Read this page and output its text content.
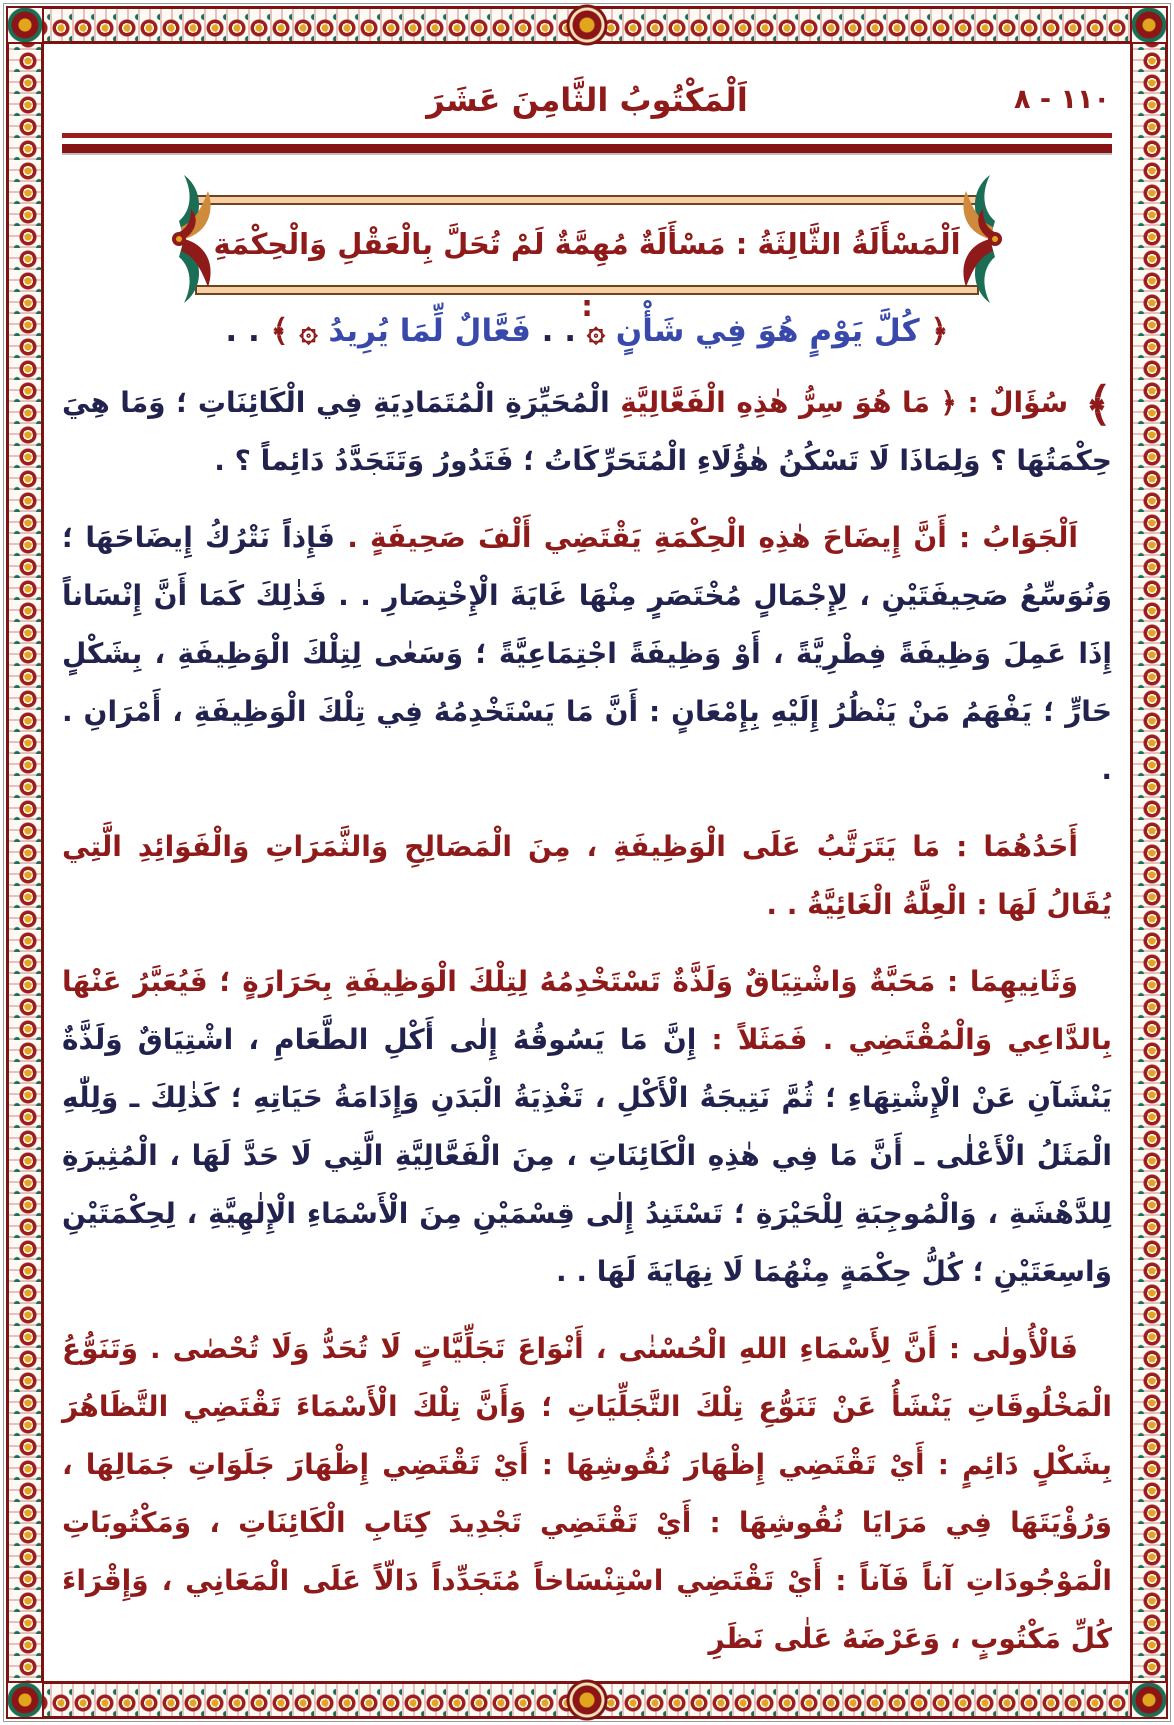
١١٠ - ٨
اَلْمَكْتُوبُ الثَّامِنَ عَشَرَ
اَلْمَسْأَلَةُ الثَّالِثَةُ : مَسْأَلَةٌ مُهِمَّةٌ لَمْ تُحَلَّ بِالْعَقْلِ وَالْحِكْمَةِ :
﴿ كُلَّ يَوْمٍ هُوَ فِي شَأْنٍ ۞ . . فَعَّالٌ لِّمَا يُرِيدُ ۞ ﴾ . .

﴾ سُؤَالٌ : ﴿ مَا هُوَ سِرُّ هٰذِهِ الْفَعَّالِيَّةِ الْمُحَيِّرَةِ الْمُتَمَادِيَةِ فِي الْكَائِنَاتِ ؛ وَمَا هِيَ حِكْمَتُهَا ؟ وَلِمَاذَا لَا تَسْكُنُ هٰؤُلَاءِ الْمُتَحَرِّكَاتُ ؛ فَتَدُورُ وَتَتَجَدَّدُ دَائِماً ؟ .

اَلْجَوَابُ : أَنَّ إِيضَاحَ هٰذِهِ الْحِكْمَةِ يَقْتَضِي أَلْفَ صَحِيفَةٍ . فَإِذاً نَتْرُكُ إِيضَاحَهَا ؛ وَنُوَسِّعُ صَحِيفَتَيْنِ ، لِإِجْمَالٍ مُخْتَصَرٍ مِنْهَا غَايَةَ الْإِخْتِصَارِ . . فَذٰلِكَ كَمَا أَنَّ إِنْسَاناً إِذَا عَمِلَ وَظِيفَةً فِطْرِيَّةً ، أَوْ وَظِيفَةً اجْتِمَاعِيَّةً ؛ وَسَعٰى لِتِلْكَ الْوَظِيفَةِ ، بِشَكْلٍ حَارٍّ ؛ يَفْهَمُ مَنْ يَنْظُرُ إِلَيْهِ بِإِمْعَانٍ : أَنَّ مَا يَسْتَخْدِمُهُ فِي تِلْكَ الْوَظِيفَةِ ، أَمْرَانِ . .

أَحَدُهُمَا : مَا يَتَرَتَّبُ عَلَى الْوَظِيفَةِ ، مِنَ الْمَصَالِحِ وَالثَّمَرَاتِ وَالْفَوَائِدِ الَّتِي يُقَالُ لَهَا : الْعِلَّةُ الْغَائِيَّةُ . .

وَثَانِيهِمَا : مَحَبَّةٌ وَاشْتِيَاقٌ وَلَذَّةٌ تَسْتَخْدِمُهُ لِتِلْكَ الْوَظِيفَةِ بِحَرَارَةٍ ؛ فَيُعَبَّرُ عَنْهَا بِالدَّاعِي وَالْمُقْتَضِي . فَمَثَلاً : إِنَّ مَا يَسُوقُهُ إِلٰى أَكْلِ الطَّعَامِ ، اشْتِيَاقٌ وَلَذَّةٌ يَنْشَآنِ عَنْ الْإِشْتِهَاءِ ؛ ثُمَّ نَتِيجَةُ الْأَكْلِ ، تَغْذِيَةُ الْبَدَنِ وَإِدَامَةُ حَيَاتِهِ ؛ كَذٰلِكَ ـ وَلِلّٰهِ الْمَثَلُ الْأَعْلٰى ـ أَنَّ مَا فِي هٰذِهِ الْكَائِنَاتِ ، مِنَ الْفَعَّالِيَّةِ الَّتِي لَا حَدَّ لَهَا ، الْمُثِيرَةِ لِلدَّهْشَةِ ، وَالْمُوجِبَةِ لِلْحَيْرَةِ ؛ تَسْتَنِدُ إِلٰى قِسْمَيْنِ مِنَ الْأَسْمَاءِ الْإِلٰهِيَّةِ ، لِحِكْمَتَيْنِ وَاسِعَتَيْنِ ؛ كُلُّ حِكْمَةٍ مِنْهُمَا لَا نِهَايَةَ لَهَا . .

فَالْأُولٰى : أَنَّ لِأَسْمَاءِ اللهِ الْحُسْنٰى ، أَنْوَاعَ تَجَلِّيَّاتٍ لَا تُحَدُّ وَلَا تُحْصٰى . وَتَنَوُّعُ الْمَخْلُوقَاتِ يَنْشَأُ عَنْ تَنَوُّعِ تِلْكَ التَّجَلِّيَاتِ ؛ وَأَنَّ تِلْكَ الْأَسْمَاءَ تَقْتَضِي التَّظَاهُرَ بِشَكْلٍ دَائِمٍ : أَيْ تَقْتَضِي إِظْهَارَ نُقُوشِهَا : أَيْ تَقْتَضِي إِظْهَارَ جَلَوَاتِ جَمَالِهَا ، وَرُؤْيَتَهَا فِي مَرَايَا نُقُوشِهَا : أَيْ تَقْتَضِي تَجْدِيدَ كِتَابِ الْكَائِنَاتِ ، وَمَكْتُوبَاتِ الْمَوْجُودَاتِ آناً فَآناً : أَيْ تَقْتَضِي اسْتِنْسَاخاً مُتَجَدِّداً دَالّاً عَلَى الْمَعَانِي ، وَإِقْرَاءَ كُلِّ مَكْتُوبٍ ، وَعَرْضَهُ عَلٰى نَظَرِ
